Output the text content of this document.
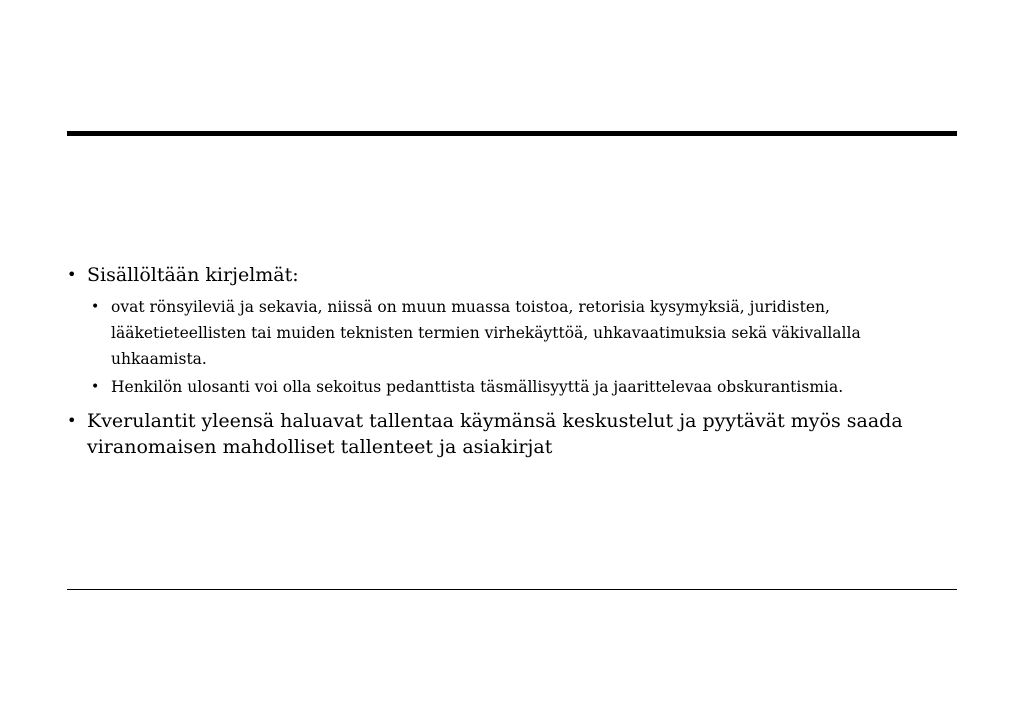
• Sisällöltään kirjelmät:
• ovat rönsyileviä ja sekavia, niissä on muun muassa toistoa, retorisia kysymyksiä, juridisten, lääketieteellisten tai muiden teknisten termien virhekäyttöä, uhkavaatimuksia sekä väkivallalla uhkaamista.
• Henkilön ulosanti voi olla sekoitus pedanttista täsmällisyyttä ja jaarittelevaa obskurantismia.
• Kverulantit yleensä haluavat tallentaa käymänsä keskustelut ja pyytävät myös saada viranomaisen mahdolliset tallenteet ja asiakirjat
